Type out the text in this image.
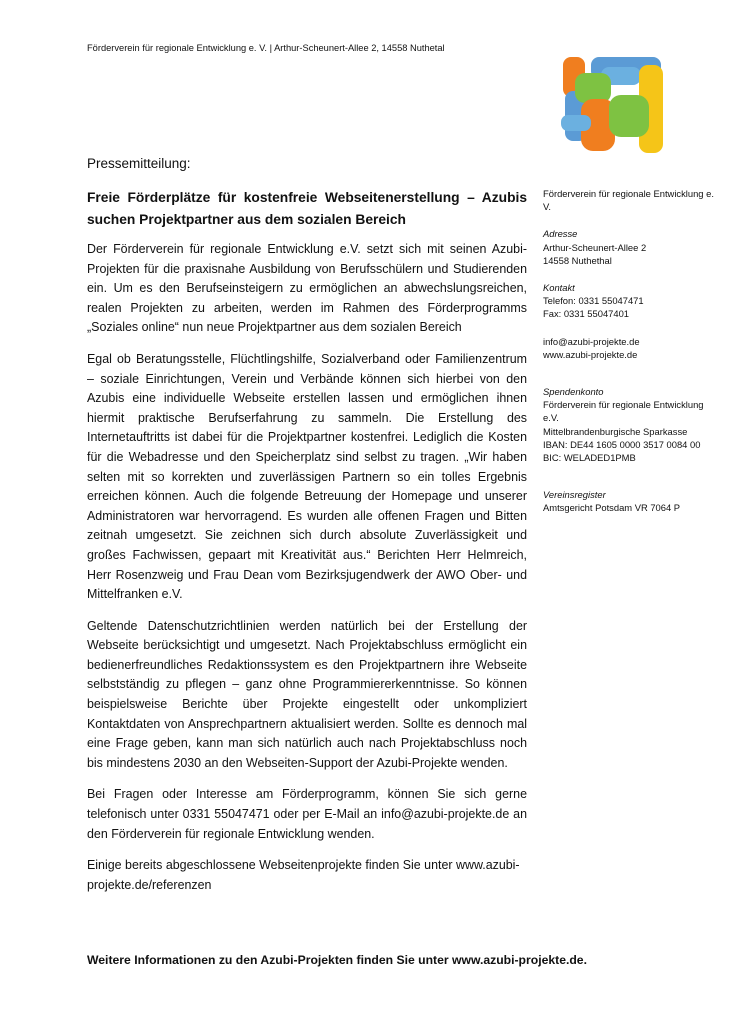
Förderverein für regionale Entwicklung e. V. | Arthur-Scheunert-Allee 2, 14558 Nuthetal
Pressemitteilung:
Freie Förderplätze für kostenfreie Webseitenerstellung – Azubis suchen Projektpartner aus dem sozialen Bereich

Der Förderverein für regionale Entwicklung e.V. setzt sich mit seinen Azubi-Projekten für die praxisnahe Ausbildung von Berufsschülern und Studierenden ein. Um es den Berufseinsteigern zu ermöglichen an abwechslungsreichen, realen Projekten zu arbeiten, werden im Rahmen des Förderprogramms „Soziales online“ nun neue Projektpartner aus dem sozialen Bereich

Egal ob Beratungsstelle, Flüchtlingshilfe, Sozialverband oder Familienzentrum – soziale Einrichtungen, Verein und Verbände können sich hierbei von den Azubis eine individuelle Webseite erstellen lassen und ermöglichen ihnen hiermit praktische Berufserfahrung zu sammeln. Die Erstellung des Internetauftritts ist dabei für die Projektpartner kostenfrei. Lediglich die Kosten für die Webadresse und den Speicherplatz sind selbst zu tragen. „Wir haben selten mit so korrekten und zuverlässigen Partnern so ein tolles Ergebnis erreichen können. Auch die folgende Betreuung der Homepage und unserer Administratoren war hervorragend. Es wurden alle offenen Fragen und Bitten zeitnah umgesetzt. Sie zeichnen sich durch absolute Zuverlässigkeit und großes Fachwissen, gepaart mit Kreativität aus.“ Berichten Herr Helmreich, Herr Rosenzweig und Frau Dean vom Bezirksjugendwerk der AWO Ober- und Mittelfranken e.V.

Geltende Datenschutzrichtlinien werden natürlich bei der Erstellung der Webseite berücksichtigt und umgesetzt. Nach Projektabschluss ermöglicht ein bedienerfreundliches Redaktionssystem es den Projektpartnern ihre Webseite selbstständig zu pflegen – ganz ohne Programmiererkenntnisse. So können beispielsweise Berichte über Projekte eingestellt oder unkompliziert Kontaktdaten von Ansprechpartnern aktualisiert werden. Sollte es dennoch mal eine Frage geben, kann man sich natürlich auch nach Projektabschluss noch bis mindestens 2030 an den Webseiten-Support der Azubi-Projekte wenden.

Bei Fragen oder Interesse am Förderprogramm, können Sie sich gerne telefonisch unter 0331 55047471 oder per E-Mail an info@azubi-projekte.de an den Förderverein für regionale Entwicklung wenden.

Einige bereits abgeschlossene Webseitenprojekte finden Sie unter www.azubi-projekte.de/referenzen

Förderverein für regionale Entwicklung e. V.
Adresse
Arthur-Scheunert-Allee 2
14558 Nuthethal
Kontakt
Telefon: 0331 55047471
Fax: 0331 55047401
info@azubi-projekte.de
www.azubi-projekte.de
Spendenkonto
Förderverein für regionale Entwicklung e.V.
Mittelbrandenburgische Sparkasse
IBAN: DE44 1605 0000 3517 0084 00
BIC: WELADED1PMB
Vereinsregister
Amtsgericht Potsdam VR 7064 P
Weitere Informationen zu den Azubi-Projekten finden Sie unter www.azubi-projekte.de.
